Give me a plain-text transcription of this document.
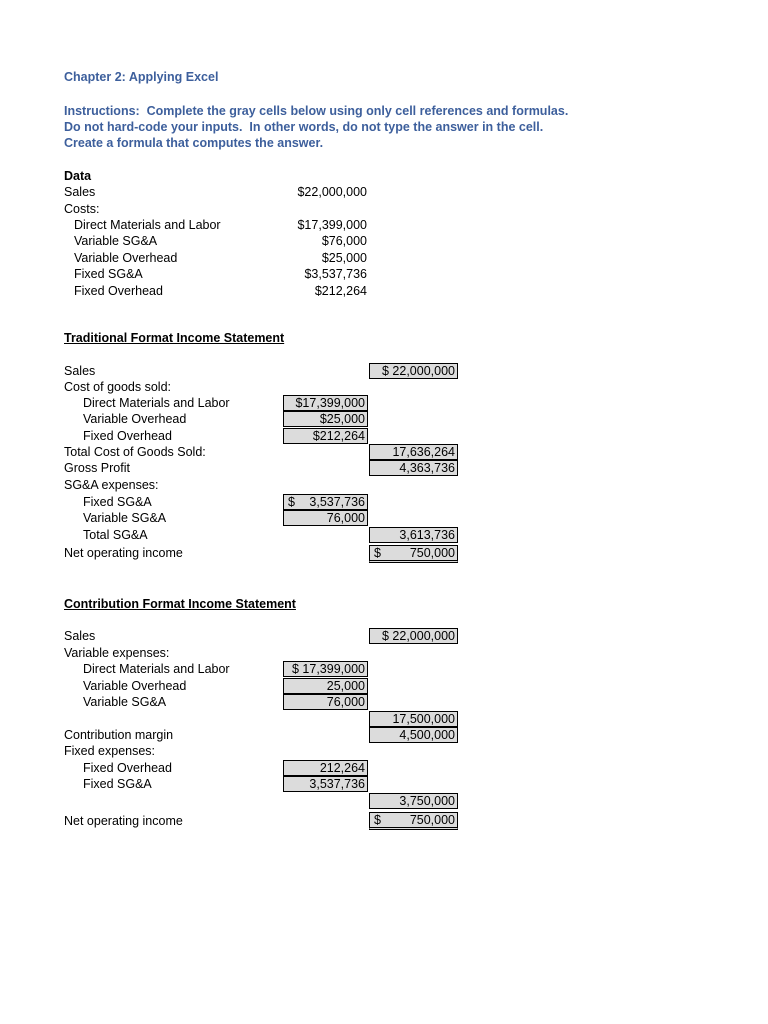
Chapter 2: Applying Excel
Instructions:  Complete the gray cells below using only cell references and formulas.
Do not hard-code your inputs.  In other words, do not type the answer in the cell.
Create a formula that computes the answer.
Data
Sales	$22,000,000
Costs:
Direct Materials and Labor	$17,399,000
Variable SG&A	$76,000
Variable Overhead	$25,000
Fixed SG&A	$3,537,736
Fixed Overhead	$212,264
Traditional Format Income Statement
Sales	$ 22,000,000
Cost of goods sold:
Direct Materials and Labor	$17,399,000
Variable Overhead	$25,000
Fixed Overhead	$212,264
Total Cost of Goods Sold:	17,636,264
Gross Profit	4,363,736
SG&A expenses:
Fixed SG&A	$ 3,537,736
Variable SG&A	76,000
Total SG&A	3,613,736
Net operating income	$ 750,000
Contribution Format Income Statement
Sales	$ 22,000,000
Variable expenses:
Direct Materials and Labor	$ 17,399,000
Variable Overhead	25,000
Variable SG&A	76,000
17,500,000
Contribution margin	4,500,000
Fixed expenses:
Fixed Overhead	212,264
Fixed SG&A	3,537,736
3,750,000
Net operating income	$ 750,000
